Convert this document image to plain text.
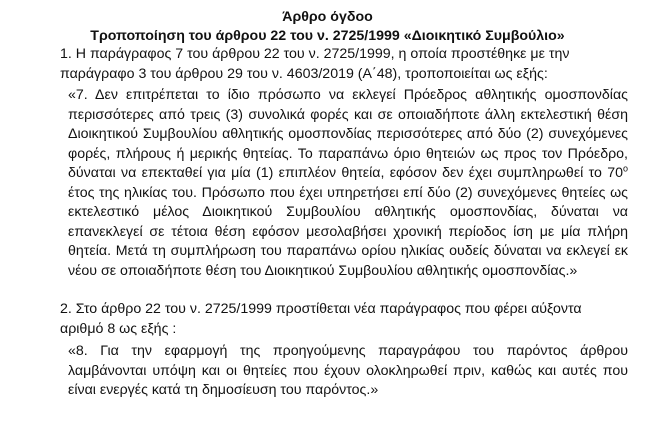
Άρθρο όγδοο

Τροποποίηση του άρθρου 22 του ν. 2725/1999 «Διοικητικό Συμβούλιο»

1. Η παράγραφος 7 του άρθρου 22 του ν. 2725/1999, η οποία προστέθηκε με την παράγραφο 3 του άρθρου 29 του ν. 4603/2019 (Α΄48), τροποποιείται ως εξής:

«7. Δεν επιτρέπεται το ίδιο πρόσωπο να εκλεγεί Πρόεδρος αθλητικής ομοσπονδίας περισσότερες από τρεις (3) συνολικά φορές και σε οποιαδήποτε άλλη εκτελεστική θέση Διοικητικού Συμβουλίου αθλητικής ομοσπονδίας περισσότερες από δύο (2) συνεχόμενες φορές, πλήρους ή μερικής θητείας. Το παραπάνω όριο θητειών ως προς τον Πρόεδρο, δύναται να επεκταθεί για μία (1) επιπλέον θητεία, εφόσον δεν έχει συμπληρωθεί το $70^o$ έτος της ηλικίας του. Πρόσωπο που έχει υπηρετήσει επί δύο (2) συνεχόμενες θητείες ως εκτελεστικό μέλος Διοικητικού Συμβουλίου αθλητικής ομοσπονδίας, δύναται να επανεκλεγεί σε τέτοια θέση εφόσον μεσολαβήσει χρονική περίοδος ίση με μία πλήρη θητεία. Μετά τη συμπλήρωση του παραπάνω ορίου ηλικίας ουδείς δύναται να εκλεγεί εκ νέου σε οποιαδήποτε θέση του Διοικητικού Συμβουλίου αθλητικής ομοσπονδίας.»

2. Στο άρθρο 22 του ν. 2725/1999 προστίθεται νέα παράγραφος που φέρει αύξοντα αριθμό 8 ως εξής :

«8. Για την εφαρμογή της προηγούμενης παραγράφου του παρόντος άρθρου λαμβάνονται υπόψη και οι θητείες που έχουν ολοκληρωθεί πριν, καθώς και αυτές που είναι ενεργές κατά τη δημοσίευση του παρόντος.»
